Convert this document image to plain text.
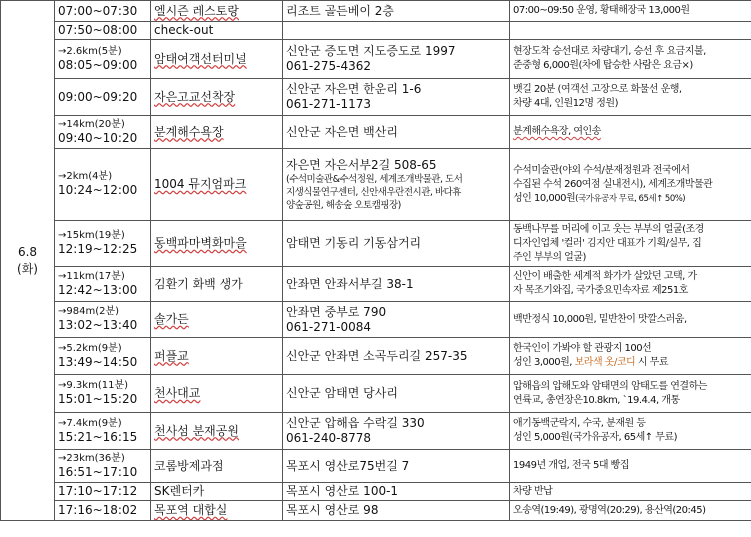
6.8
(화)	07:00~07:30	엘시즌 레스토랑	리조트 골든베이 2층	07:00~09:50 운영, 황태해장국 13,000원

	07:50~08:00	check-out		

	→2.6km(5분)
08:05~09:00	암태여객선터미널	신안군 증도면 지도증도로 1997
061-275-4362	현장도착 승선대로 차량대기, 승선 후 요금지불,
준중형 6,000원(차에 탑승한 사람은 요금×)

	09:00~09:20	자은고교선착장	신안군 자은면 한운리 1-6
061-271-1173	뱃길 20분 (여객선 고장으로 화물선 운행,
차량 4대, 인원12명 정원)

	→14km(20분)
09:40~10:20	분계해수욕장	신안군 자은면 백산리	분계해수욕장, 여인송

	→2km(4분)
10:24~12:00	1004 뮤지엄파크	자은면 자은서부2길 508-65
(수석미술관&수석정원, 세계조개박물관, 도서
지생식물연구센터, 신안새우란전시관, 바다휴
양숲공원, 해송숲 오토캠핑장)	수석미술관(야외 수석/분재정원과 전국에서
수집된 수석 260여점 실내전시), 세계조개박물관
성인 10,000원(국가유공자 무료, 65세↑ 50%)

	→15km(19분)
12:19~12:25	동백파마벽화마을	암태면 기동리 기동삼거리	동백나무를 머리에 이고 웃는 부부의 얼굴(조경
디자인업체 '컬러' 김지안 대표가 기획/실무, 집
주인 부부의 얼굴)

	→11km(17분)
12:42~13:00	김환기 화백 생가	안좌면 안좌서부길 38-1	신안이 배출한 세계적 화가가 살았던 고택, 가
자 목조기와집, 국가중요민속자료 제251호

	→984m(2분)
13:02~13:40	솔가든	안좌면 중부로 790
061-271-0084	백반정식 10,000원, 밑반찬이 맛깔스러움,

	→5.2km(9분)
13:49~14:50	퍼플교	신안군 안좌면 소곡두리길 257-35	한국인이 가봐야 할 관광지 100선
성인 3,000원, 보라색 옷/코디 시 무료

	→9.3km(11분)
15:01~15:20	천사대교	신안군 암태면 당사리	압해읍의 압해도와 암태면의 암태도를 연결하는
연륙교, 총연장은10.8km, `19.4.4, 개통

	→7.4km(9분)
15:21~16:15	천사섬 분재공원	신안군 압해읍 수락길 330
061-240-8778	애기동백군락지, 수국, 분재원 등
성인 5,000원(국가유공자, 65세↑ 무료)

	→23km(36분)
16:51~17:10	코롬방제과점	목포시 영산로75번길 7	1949년 개업, 전국 5대 빵집

	17:10~17:12	SK렌터카	목포시 영산로 100-1	차량 반납

	17:16~18:02	목포역 대합실	목포시 영산로 98	오송역(19:49), 광명역(20:29), 용산역(20:45)
